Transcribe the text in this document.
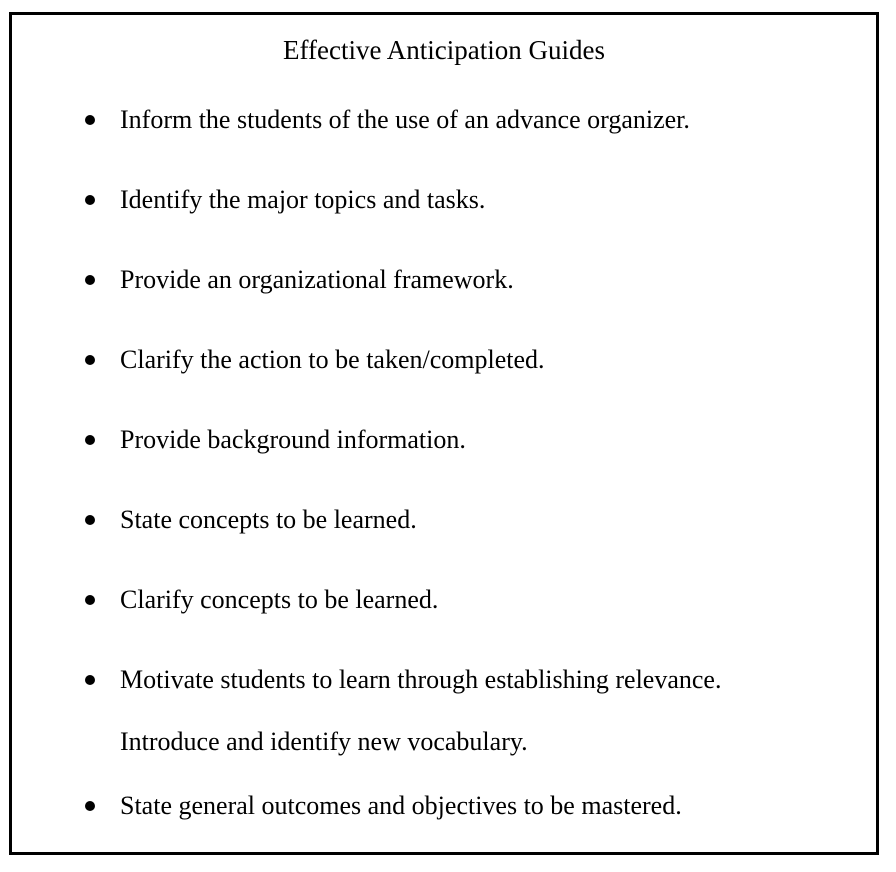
Effective Anticipation Guides
Inform the students of the use of an advance organizer.
Identify the major topics and tasks.
Provide an organizational framework.
Clarify the action to be taken/completed.
Provide background information.
State concepts to be learned.
Clarify concepts to be learned.
Motivate students to learn through establishing relevance.
Introduce and identify new vocabulary.
State general outcomes and objectives to be mastered.
